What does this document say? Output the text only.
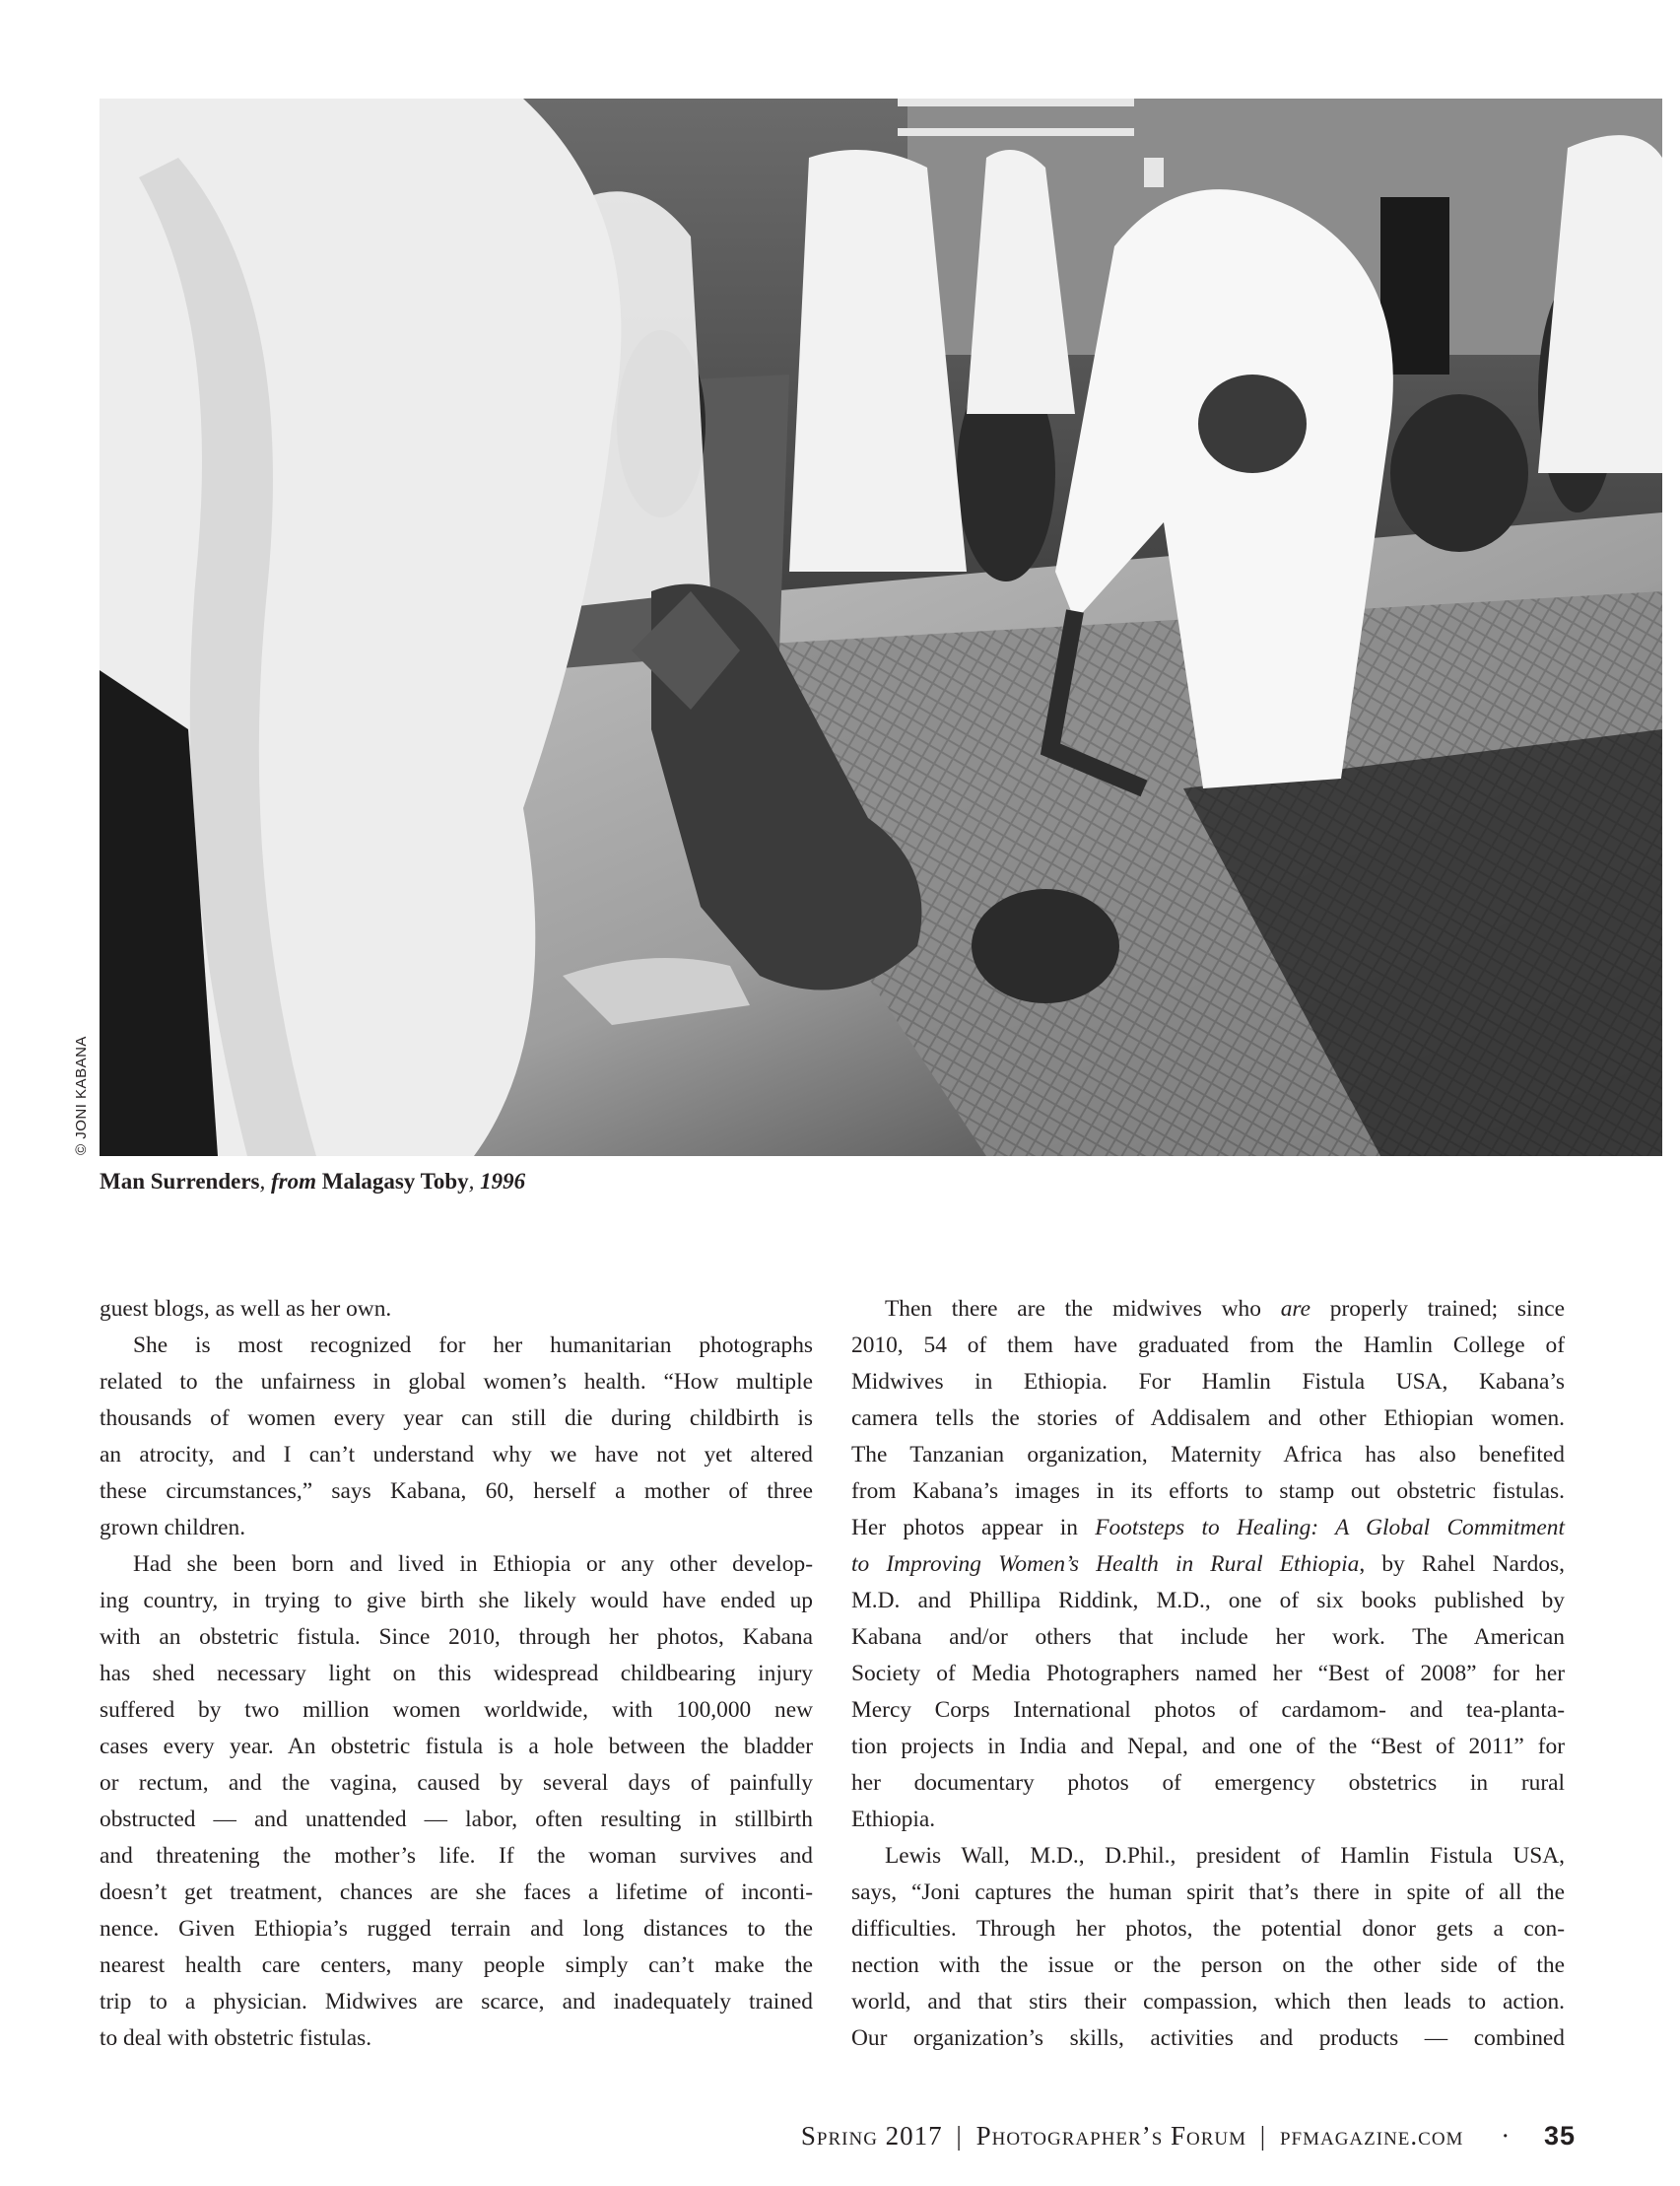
© JONI KABANA
Man Surrenders, from Malagasy Toby, 1996
guest blogs, as well as her own.
She is most recognized for her humanitarian photographs
related to the unfairness in global women’s health. “How multiple
thousands of women every year can still die during childbirth is
an atrocity, and I can’t understand why we have not yet altered
these circumstances,” says Kabana, 60, herself a mother of three
grown children.
Had she been born and lived in Ethiopia or any other develop-
ing country, in trying to give birth she likely would have ended up
with an obstetric fistula. Since 2010, through her photos, Kabana
has shed necessary light on this widespread childbearing injury
suffered by two million women worldwide, with 100,000 new
cases every year. An obstetric fistula is a hole between the bladder
or rectum, and the vagina, caused by several days of painfully
obstructed — and unattended — labor, often resulting in stillbirth
and threatening the mother’s life. If the woman survives and
doesn’t get treatment, chances are she faces a lifetime of inconti-
nence. Given Ethiopia’s rugged terrain and long distances to the
nearest health care centers, many people simply can’t make the
trip to a physician. Midwives are scarce, and inadequately trained
to deal with obstetric fistulas.
Then there are the midwives who are properly trained; since
2010, 54 of them have graduated from the Hamlin College of
Midwives in Ethiopia. For Hamlin Fistula USA, Kabana’s
camera tells the stories of Addisalem and other Ethiopian women.
The Tanzanian organization, Maternity Africa has also benefited
from Kabana’s images in its efforts to stamp out obstetric fistulas.
Her photos appear in Footsteps to Healing: A Global Commitment
to Improving Women’s Health in Rural Ethiopia, by Rahel Nardos,
M.D. and Phillipa Riddink, M.D., one of six books published by
Kabana and/or others that include her work. The American
Society of Media Photographers named her “Best of 2008” for her
Mercy Corps International photos of cardamom- and tea-planta-
tion projects in India and Nepal, and one of the “Best of 2011” for
her documentary photos of emergency obstetrics in rural
Ethiopia.
Lewis Wall, M.D., D.Phil., president of Hamlin Fistula USA,
says, “Joni captures the human spirit that’s there in spite of all the
difficulties. Through her photos, the potential donor gets a con-
nection with the issue or the person on the other side of the
world, and that stirs their compassion, which then leads to action.
Our organization’s skills, activities and products — combined
Spring 2017 | Photographer’s Forum | pfmagazine.com · 35
